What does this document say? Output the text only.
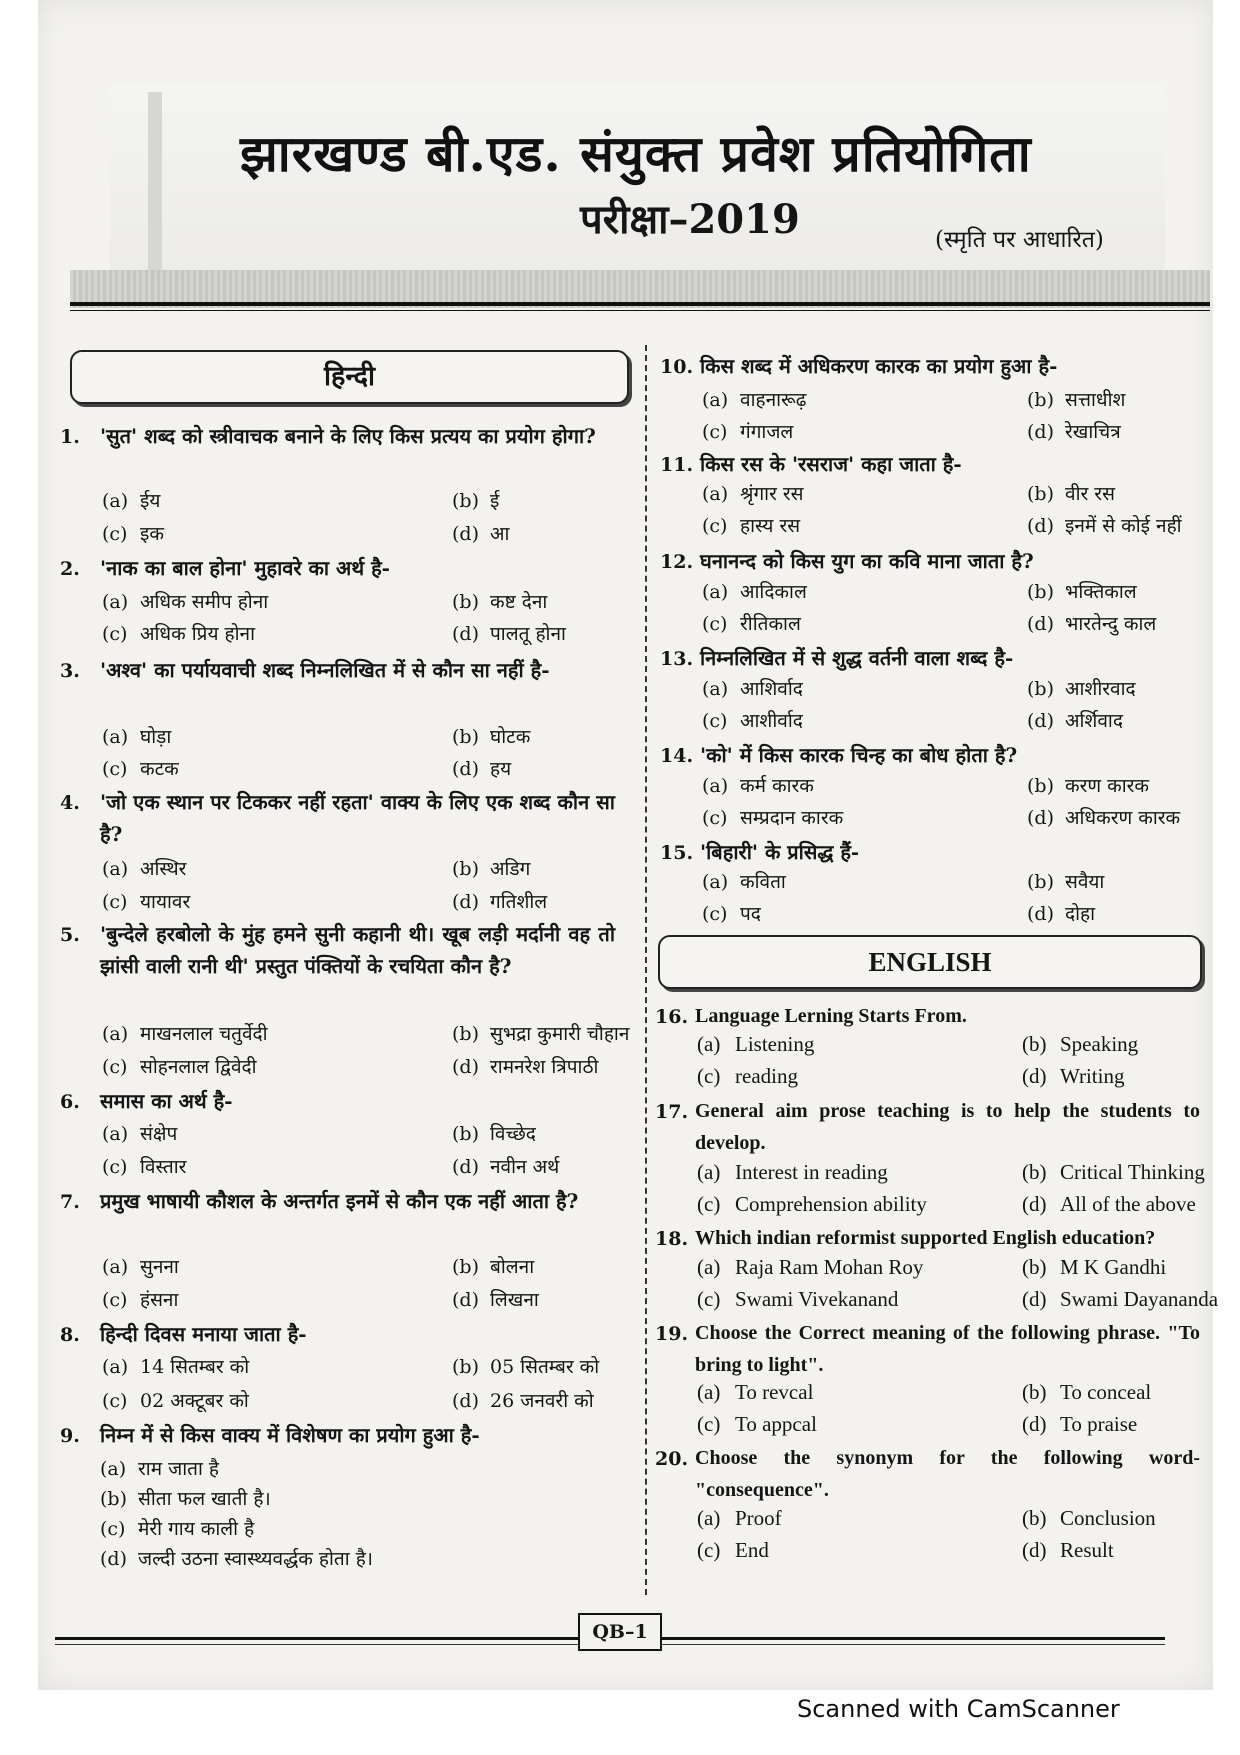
झारखण्ड बी.एड. संयुक्त प्रवेश प्रतियोगिता
परीक्षा–2019	(स्मृति पर आधारित)
हिन्दी
ENGLISH
1. 'सुत' शब्द को स्त्रीवाचक बनाने के लिए किस प्रत्यय का प्रयोग होगा?
(a) ईय	(b) ई
(c) इक	(d) आ
2. 'नाक का बाल होना' मुहावरे का अर्थ है-
(a) अधिक समीप होना	(b) कष्ट देना
(c) अधिक प्रिय होना	(d) पालतू होना
3. 'अश्व' का पर्यायवाची शब्द निम्नलिखित में से कौन सा नहीं है-
(a) घोड़ा	(b) घोटक
(c) कटक	(d) हय
4. 'जो एक स्थान पर टिककर नहीं रहता' वाक्य के लिए एक शब्द कौन सा है?
(a) अस्थिर	(b) अडिग
(c) यायावर	(d) गतिशील
5. 'बुन्देले हरबोलो के मुंह हमने सुनी कहानी थी। खूब लड़ी मर्दानी वह तो झांसी वाली रानी थी' प्रस्तुत पंक्तियों के रचयिता कौन है?
(a) माखनलाल चतुर्वेदी	(b) सुभद्रा कुमारी चौहान
(c) सोहनलाल द्विवेदी	(d) रामनरेश त्रिपाठी
6. समास का अर्थ है-
(a) संक्षेप	(b) विच्छेद
(c) विस्तार	(d) नवीन अर्थ
7. प्रमुख भाषायी कौशल के अन्तर्गत इनमें से कौन एक नहीं आता है?
(a) सुनना	(b) बोलना
(c) हंसना	(d) लिखना
8. हिन्दी दिवस मनाया जाता है-
(a) 14 सितम्बर को	(b) 05 सितम्बर को
(c) 02 अक्टूबर को	(d) 26 जनवरी को
9. निम्न में से किस वाक्य में विशेषण का प्रयोग हुआ है-
(a) राम जाता है
(b) सीता फल खाती है।
(c) मेरी गाय काली है
(d) जल्दी उठना स्वास्थ्यवर्द्धक होता है।
10. किस शब्द में अधिकरण कारक का प्रयोग हुआ है-
(a) वाहनारूढ़	(b) सत्ताधीश
(c) गंगाजल	(d) रेखाचित्र
11. किस रस के 'रसराज' कहा जाता है-
(a) श्रृंगार रस	(b) वीर रस
(c) हास्य रस	(d) इनमें से कोई नहीं
12. घनानन्द को किस युग का कवि माना जाता है?
(a) आदिकाल	(b) भक्तिकाल
(c) रीतिकाल	(d) भारतेन्दु काल
13. निम्नलिखित में से शुद्ध वर्तनी वाला शब्द है-
(a) आशिर्वाद	(b) आशीरवाद
(c) आशीर्वाद	(d) अर्शिवाद
14. 'को' में किस कारक चिन्ह का बोध होता है?
(a) कर्म कारक	(b) करण कारक
(c) सम्प्रदान कारक	(d) अधिकरण कारक
15. 'बिहारी' के प्रसिद्ध हैं-
(a) कविता	(b) सवैया
(c) पद	(d) दोहा
16. Language Lerning Starts From.
(a) Listening	(b) Speaking
(c) reading	(d) Writing
17. General aim prose teaching is to help the students to develop.
(a) Interest in reading	(b) Critical Thinking
(c) Comprehension ability	(d) All of the above
18. Which indian reformist supported English education?
(a) Raja Ram Mohan Roy	(b) M K Gandhi
(c) Swami Vivekanand	(d) Swami Dayananda
19. Choose the Correct meaning of the following phrase. "To bring to light".
(a) To revcal	(b) To conceal
(c) To appcal	(d) To praise
20. Choose the synonym for the following word- "consequence".
(a) Proof	(b) Conclusion
(c) End	(d) Result
QB–1
Scanned with CamScanner
